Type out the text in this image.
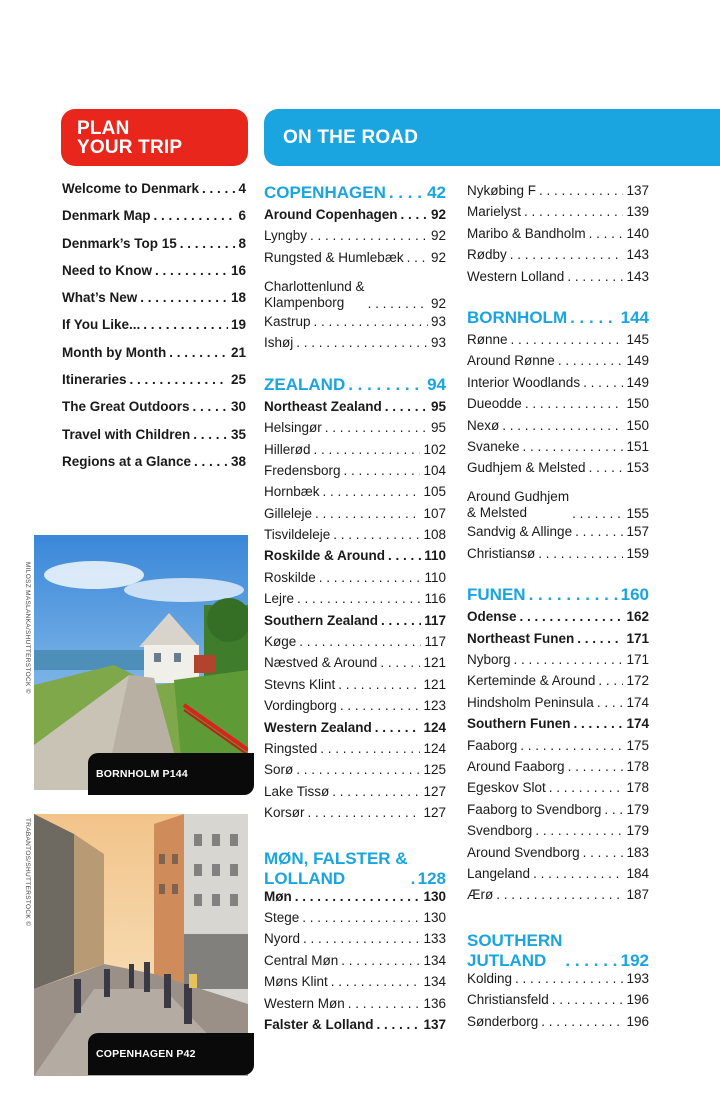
PLAN
YOUR TRIP	ON THE ROAD
Welcome to Denmark . . .	4
Denmark Map . . .	6
Denmark’s Top 15 . . .	8
Need to Know . . .	16
What’s New . . .	18
If You Like... . . .	19
Month by Month . . .	21
Itineraries . . .	25
The Great Outdoors . . .	30
Travel with Children . . .	35
Regions at a Glance . . .	38
MILOSZ MASLANKA/SHUTTERSTOCK ©
BORNHOLM P144
TRABANTOS/SHUTTERSTOCK ©
COPENHAGEN P42
COPENHAGEN . . . 42
Around Copenhagen . . . 92
Lyngby . . .	92
Rungsted & Humlebæk . . . 92
Charlottenlund &
Klampenborg . . .	92
Kastrup . . .	93
Ishøj . . .	93
ZEALAND . . .	94
Northeast Zealand . . .	95
Helsingør . . .	95
Hillerød . . .	102
Fredensborg . . .	104
Hornbæk . . .	105
Gilleleje . . .	107
Tisvildeleje . . .	108
Roskilde & Around . . .	110
Roskilde . . .	110
Lejre . . .	116
Southern Zealand . . .	117
Køge . . .	117
Næstved & Around . . .	121
Stevns Klint . . .	121
Vordingborg . . .	123
Western Zealand . . .	124
Ringsted . . .	124
Sorø . . .	125
Lake Tissø . . .	127
Korsør . . .	127
MØN, FALSTER &
LOLLAND . . .	128
Møn . . .	130
Stege . . .	130
Nyord . . .	133
Central Møn . . .	134
Møns Klint . . .	134
Western Møn . . .	136
Falster & Lolland . . .	137
Nykøbing F . . .	137
Marielyst . . .	139
Maribo & Bandholm . . .	140
Rødby . . .	143
Western Lolland . . .	143
BORNHOLM . . .	144
Rønne . . .	145
Around Rønne . . .	149
Interior Woodlands . . .	149
Dueodde . . .	150
Nexø . . .	150
Svaneke . . .	151
Gudhjem & Melsted . . .	153
Around Gudhjem
& Melsted . . .	155
Sandvig & Allinge . . .	157
Christiansø . . .	159
FUNEN . . .	160
Odense . . .	162
Northeast Funen . . .	171
Nyborg . . .	171
Kerteminde & Around . . . 172
Hindsholm Peninsula . . . 174
Southern Funen . . .	174
Faaborg . . .	175
Around Faaborg . . .	178
Egeskov Slot . . .	178
Faaborg to Svendborg . . . 179
Svendborg . . .	179
Around Svendborg . . .	183
Langeland . . .	184
Ærø . . .	187
SOUTHERN
JUTLAND . . .	192
Kolding . . .	193
Christiansfeld . . .	196
Sønderborg . . .	196
